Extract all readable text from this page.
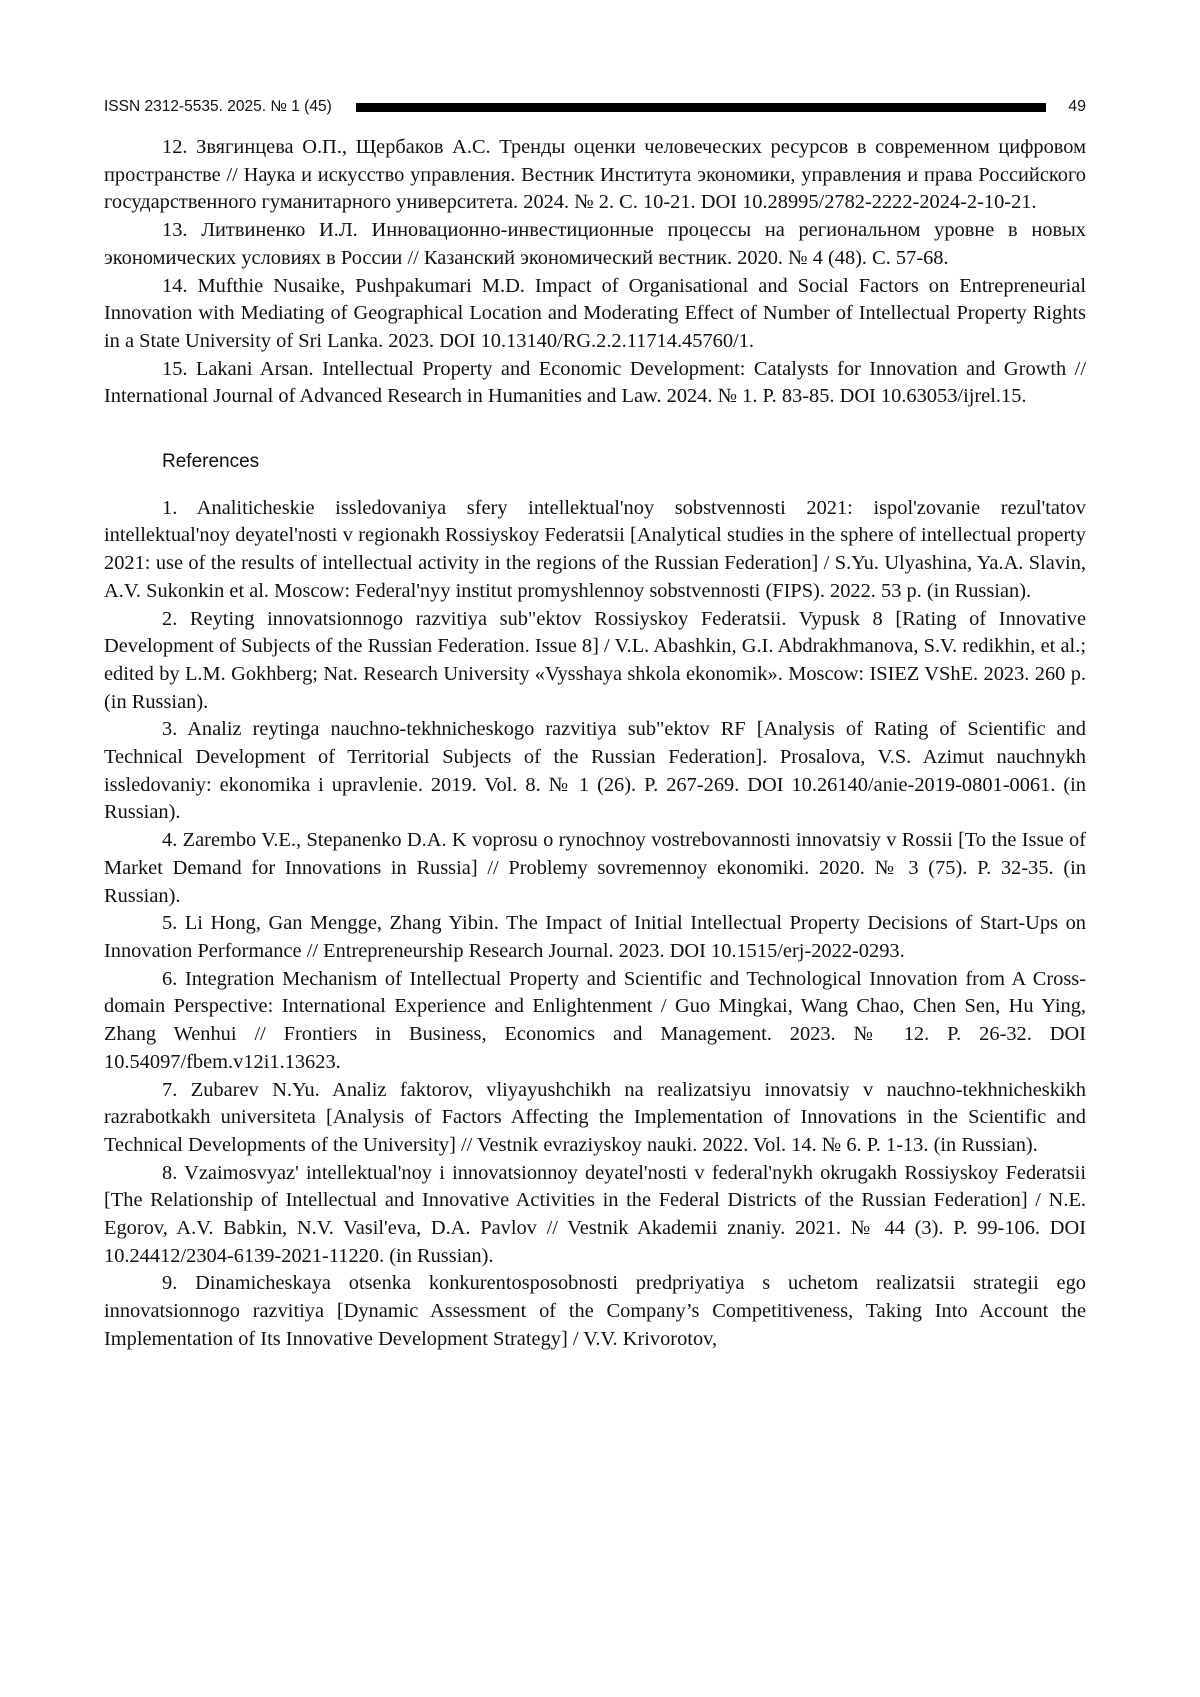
ISSN 2312-5535. 2025. № 1 (45)	49

12. Звягинцева О.П., Щербаков А.С. Тренды оценки человеческих ресурсов в современном цифровом пространстве // Наука и искусство управления. Вестник Института экономики, управления и права Российского государственного гуманитарного университета. 2024. № 2. С. 10-21. DOI 10.28995/2782-2222-2024-2-10-21.

13. Литвиненко И.Л. Инновационно-инвестиционные процессы на региональном уровне в новых экономических условиях в России // Казанский экономический вестник. 2020. № 4 (48). С. 57-68.

14. Mufthie Nusaike, Pushpakumari M.D. Impact of Organisational and Social Factors on Entrepreneurial Innovation with Mediating of Geographical Location and Moderating Effect of Number of Intellectual Property Rights in a State University of Sri Lanka. 2023. DOI 10.13140/RG.2.2.11714.45760/1.

15. Lakani Arsan. Intellectual Property and Economic Development: Catalysts for Innovation and Growth // International Journal of Advanced Research in Humanities and Law. 2024. № 1. P. 83-85. DOI 10.63053/ijrel.15.

References

1. Analiticheskie issledovaniya sfery intellektual'noy sobstvennosti 2021: ispol'zovanie rezul'tatov intellektual'noy deyatel'nosti v regionakh Rossiyskoy Federatsii [Analytical studies in the sphere of intellectual property 2021: use of the results of intellectual activity in the regions of the Russian Federation] / S.Yu. Ulyashina, Ya.A. Slavin, A.V. Sukonkin et al. Moscow: Federal'nyy institut promyshlennoy sobstvennosti (FIPS). 2022. 53 p. (in Russian).

2. Reyting innovatsionnogo razvitiya sub"ektov Rossiyskoy Federatsii. Vypusk 8 [Rating of Innovative Development of Subjects of the Russian Federation. Issue 8] / V.L. Abashkin, G.I. Abdrakhmanova, S.V. redikhin, et al.; edited by L.M. Gokhberg; Nat. Research University «Vysshaya shkola ekonomik». Moscow: ISIEZ VShE. 2023. 260 p. (in Russian).

3. Analiz reytinga nauchno-tekhnicheskogo razvitiya sub"ektov RF [Analysis of Rating of Scientific and Technical Development of Territorial Subjects of the Russian Federation]. Prosalova, V.S. Azimut nauchnykh issledovaniy: ekonomika i upravlenie. 2019. Vol. 8. № 1 (26). P. 267-269. DOI 10.26140/anie-2019-0801-0061. (in Russian).

4. Zarembo V.E., Stepanenko D.A. K voprosu o rynochnoy vostrebovannosti innovatsiy v Rossii [To the Issue of Market Demand for Innovations in Russia] // Problemy sovremennoy ekonomiki. 2020. № 3 (75). P. 32-35. (in Russian).

5. Li Hong, Gan Mengge, Zhang Yibin. The Impact of Initial Intellectual Property Decisions of Start-Ups on Innovation Performance // Entrepreneurship Research Journal. 2023. DOI 10.1515/erj-2022-0293.

6. Integration Mechanism of Intellectual Property and Scientific and Technological Innovation from A Cross-domain Perspective: International Experience and Enlightenment / Guo Mingkai, Wang Chao, Chen Sen, Hu Ying, Zhang Wenhui // Frontiers in Business, Economics and Management. 2023. № 12. P. 26-32. DOI 10.54097/fbem.v12i1.13623.

7. Zubarev N.Yu. Analiz faktorov, vliyayushchikh na realizatsiyu innovatsiy v nauchno-tekhnicheskikh razrabotkakh universiteta [Analysis of Factors Affecting the Implementation of Innovations in the Scientific and Technical Developments of the University] // Vestnik evraziyskoy nauki. 2022. Vol. 14. № 6. P. 1-13. (in Russian).

8. Vzaimosvyaz' intellektual'noy i innovatsionnoy deyatel'nosti v federal'nykh okrugakh Rossiyskoy Federatsii [The Relationship of Intellectual and Innovative Activities in the Federal Districts of the Russian Federation] / N.E. Egorov, A.V. Babkin, N.V. Vasil'eva, D.A. Pavlov // Vestnik Akademii znaniy. 2021. № 44 (3). P. 99-106. DOI 10.24412/2304-6139-2021-11220. (in Russian).

9. Dinamicheskaya otsenka konkurentosposobnosti predpriyatiya s uchetom realizatsii strategii ego innovatsionnogo razvitiya [Dynamic Assessment of the Company’s Competitiveness, Taking Into Account the Implementation of Its Innovative Development Strategy] / V.V. Krivorotov,
